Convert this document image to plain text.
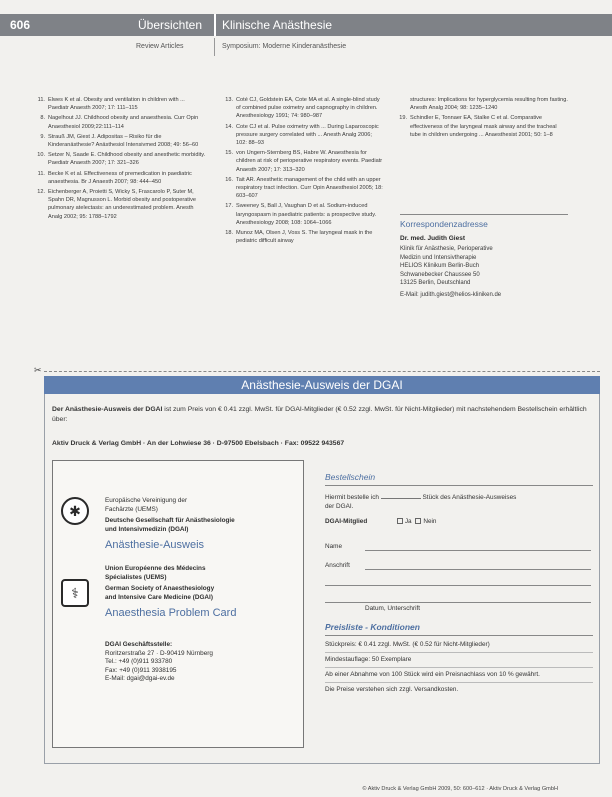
606	Übersichten Klinische Anästhesie
Review Articles	Symposium: Moderne Kinderanästhesie
11. Elwes K et al. Obesity and ventilation in children with ... Paediatr Anaesth 2007; 17: 111–115
8. Nagelhout JJ. Childhood obesity and anaesthesia. Curr Opin Anaesthesiol 2009;22:111–114
9. Strauß JM, Giest J. Adipositas – Risiko für die Kinderanästhesie? Anästhesiol Intensivmed 2008; 49: 56–60
10. Setzer N, Saade E. Childhood obesity and anesthetic morbidity. Paediatr Anaesth 2007; 17: 321–326
11. Becke K et al. Effectiveness of premedication in paediatric anaesthesia. Br J Anaesth 2007; 98: 444–450
12. Eichenberger A, Proietti S, Wicky S, Frascarolo P, Suter M, Spahn DR, Magnusson L. Morbid obesity and postoperative pulmonary atelectasis: an underestimated problem. Anesth Analg 2002; 95: 1788–1792
13. Coté CJ, Goldstein EA, Cote MA et al. A single-blind study of combined pulse oximetry and capnography in children. Anesthesiology 1991; 74: 980–987
14. Cote CJ et al. Pulse oximetry with ... During Laparoscopic pressure surgery correlated with ... Anesth Analg 2006; 102: 88–93
15. von Ungern-Sternberg BS, Habre W. Anaesthesia for children at risk of perioperative respiratory events. Paediatr Anaesth 2007; 17: 313–320
16. Tait AR. Anesthetic management of the child with an upper respiratory tract infection. Curr Opin Anaesthesiol 2005; 18: 603–607
17. Sweeney S, Ball J, Vaughan D et al. Sodium-induced laryngospasm in paediatric patients: a prospective study. Anesthesiology 2008; 108: 1064–1066
18. Munoz MA, Olsen J, Voss S. The laryngeal mask in the pediatric difficult airway
structures: Implications for hyperglycemia resulting from fasting. Anesth Analg 2004; 98: 1235–1240
19. Schindler E, Tonnaer EA, Stalke C et al. Comparative effectiveness of the laryngeal mask airway and the tracheal tube in children undergoing ... Anaesthesist 2001; 50: 1–8
Korrespondenzadresse
Dr. med. Judith Giest
Klinik für Anästhesie, Perioperative
Medizin und Intensivtherapie
HELIOS Klinikum Berlin-Buch
Schwanebecker Chaussee 50
13125 Berlin, Deutschland
E-Mail: judith.giest@helios-kliniken.de
✂
Anästhesie-Ausweis der DGAI
Der Anästhesie-Ausweis der DGAI ist zum Preis von € 0.41 zzgl. MwSt. für DGAI-Mitglieder (€ 0.52 zzgl. MwSt. für Nicht-Mitglieder) mit nachstehendem Bestellschein erhältlich über:
Aktiv Druck & Verlag GmbH · An der Lohwiese 36 · D-97500 Ebelsbach · Fax: 09522 943567
✱
⚕
Europäische Vereinigung der
Fachärzte (UEMS)
Deutsche Gesellschaft für Anästhesiologie
und Intensivmedizin (DGAI)
Anästhesie-Ausweis
Union Européenne des Médecins
Spécialistes (UEMS)
German Society of Anaesthesiology
and Intensive Care Medicine (DGAI)
Anaesthesia Problem Card
DGAI Geschäftsstelle:
Roritzerstraße 27 · D-90419 Nürnberg
Tel.: +49 (0)911 933780
Fax: +49 (0)911 3938195
E-Mail: dgai@dgai-ev.de
Bestellschein
Hiermit bestelle ich	Stück des Anästhesie-Ausweises
der DGAI.
DGAI-Mitglied	Ja Nein
Name
Anschrift
Datum, Unterschrift
Preisliste - Konditionen
Stückpreis: € 0.41 zzgl. MwSt. (€ 0.52 für Nicht-Mitglieder)
Mindestauflage: 50 Exemplare
Ab einer Abnahme von 100 Stück wird ein Preisnachlass von 10 % gewährt.
Die Preise verstehen sich zzgl. Versandkosten.
© Aktiv Druck & Verlag GmbH 2009, 50: 600–612 · Aktiv Druck & Verlag GmbH
